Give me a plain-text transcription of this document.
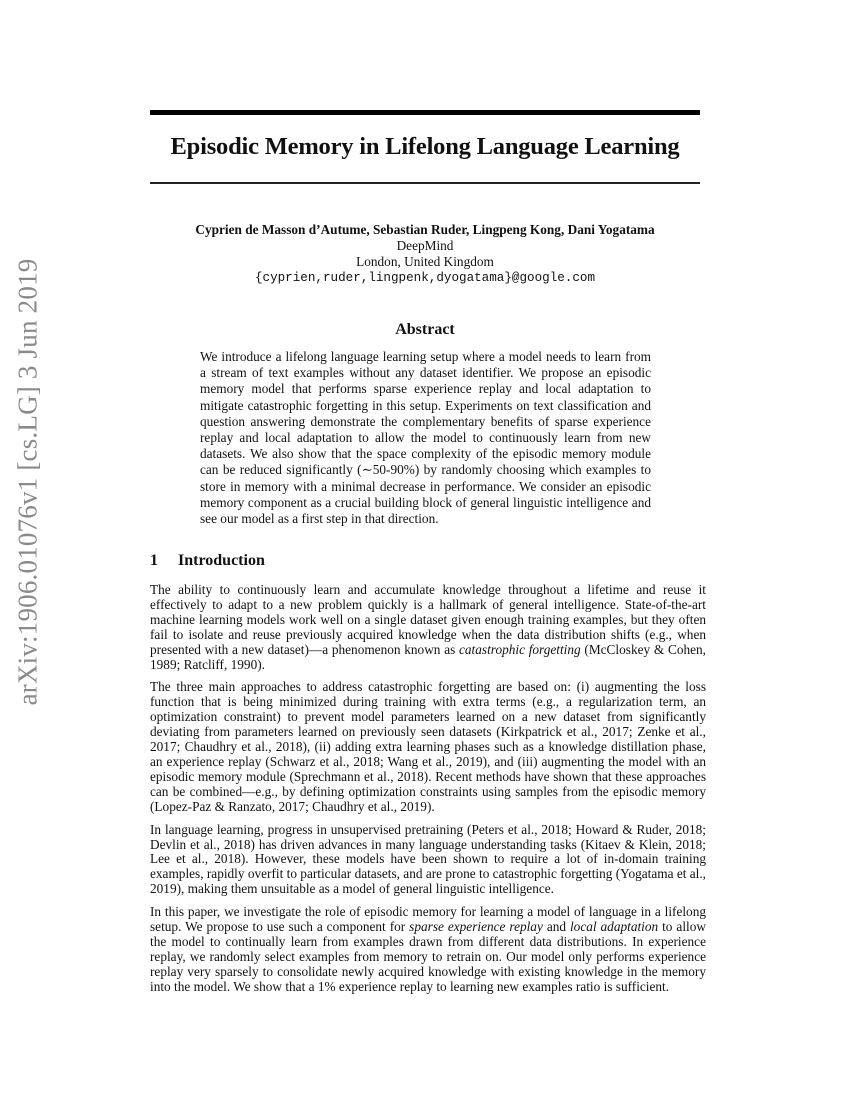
arXiv:1906.01076v1 [cs.LG] 3 Jun 2019
Episodic Memory in Lifelong Language Learning
Cyprien de Masson d’Autume, Sebastian Ruder, Lingpeng Kong, Dani Yogatama
DeepMind
London, United Kingdom
{cyprien,ruder,lingpenk,dyogatama}@google.com
Abstract

We introduce a lifelong language learning setup where a model needs to learn from a stream of text examples without any dataset identifier. We propose an episodic memory model that performs sparse experience replay and local adaptation to mitigate catastrophic forgetting in this setup. Experiments on text classification and question answering demonstrate the complementary benefits of sparse experience replay and local adaptation to allow the model to continuously learn from new datasets. We also show that the space complexity of the episodic memory module can be reduced significantly (∼50-90%) by randomly choosing which examples to store in memory with a minimal decrease in performance. We consider an episodic memory component as a crucial building block of general linguistic intelligence and see our model as a first step in that direction.

1 Introduction

The ability to continuously learn and accumulate knowledge throughout a lifetime and reuse it effectively to adapt to a new problem quickly is a hallmark of general intelligence. State-of-the-art machine learning models work well on a single dataset given enough training examples, but they often fail to isolate and reuse previously acquired knowledge when the data distribution shifts (e.g., when presented with a new dataset)—a phenomenon known as catastrophic forgetting (McCloskey & Cohen, 1989; Ratcliff, 1990).

The three main approaches to address catastrophic forgetting are based on: (i) augmenting the loss function that is being minimized during training with extra terms (e.g., a regularization term, an optimization constraint) to prevent model parameters learned on a new dataset from significantly deviating from parameters learned on previously seen datasets (Kirkpatrick et al., 2017; Zenke et al., 2017; Chaudhry et al., 2018), (ii) adding extra learning phases such as a knowledge distillation phase, an experience replay (Schwarz et al., 2018; Wang et al., 2019), and (iii) augmenting the model with an episodic memory module (Sprechmann et al., 2018). Recent methods have shown that these approaches can be combined—e.g., by defining optimization constraints using samples from the episodic memory (Lopez-Paz & Ranzato, 2017; Chaudhry et al., 2019).

In language learning, progress in unsupervised pretraining (Peters et al., 2018; Howard & Ruder, 2018; Devlin et al., 2018) has driven advances in many language understanding tasks (Kitaev & Klein, 2018; Lee et al., 2018). However, these models have been shown to require a lot of in-domain training examples, rapidly overfit to particular datasets, and are prone to catastrophic forgetting (Yogatama et al., 2019), making them unsuitable as a model of general linguistic intelligence.

In this paper, we investigate the role of episodic memory for learning a model of language in a lifelong setup. We propose to use such a component for sparse experience replay and local adaptation to allow the model to continually learn from examples drawn from different data distributions. In experience replay, we randomly select examples from memory to retrain on. Our model only performs experience replay very sparsely to consolidate newly acquired knowledge with existing knowledge in the memory into the model. We show that a 1% experience replay to learning new examples ratio is sufficient.
